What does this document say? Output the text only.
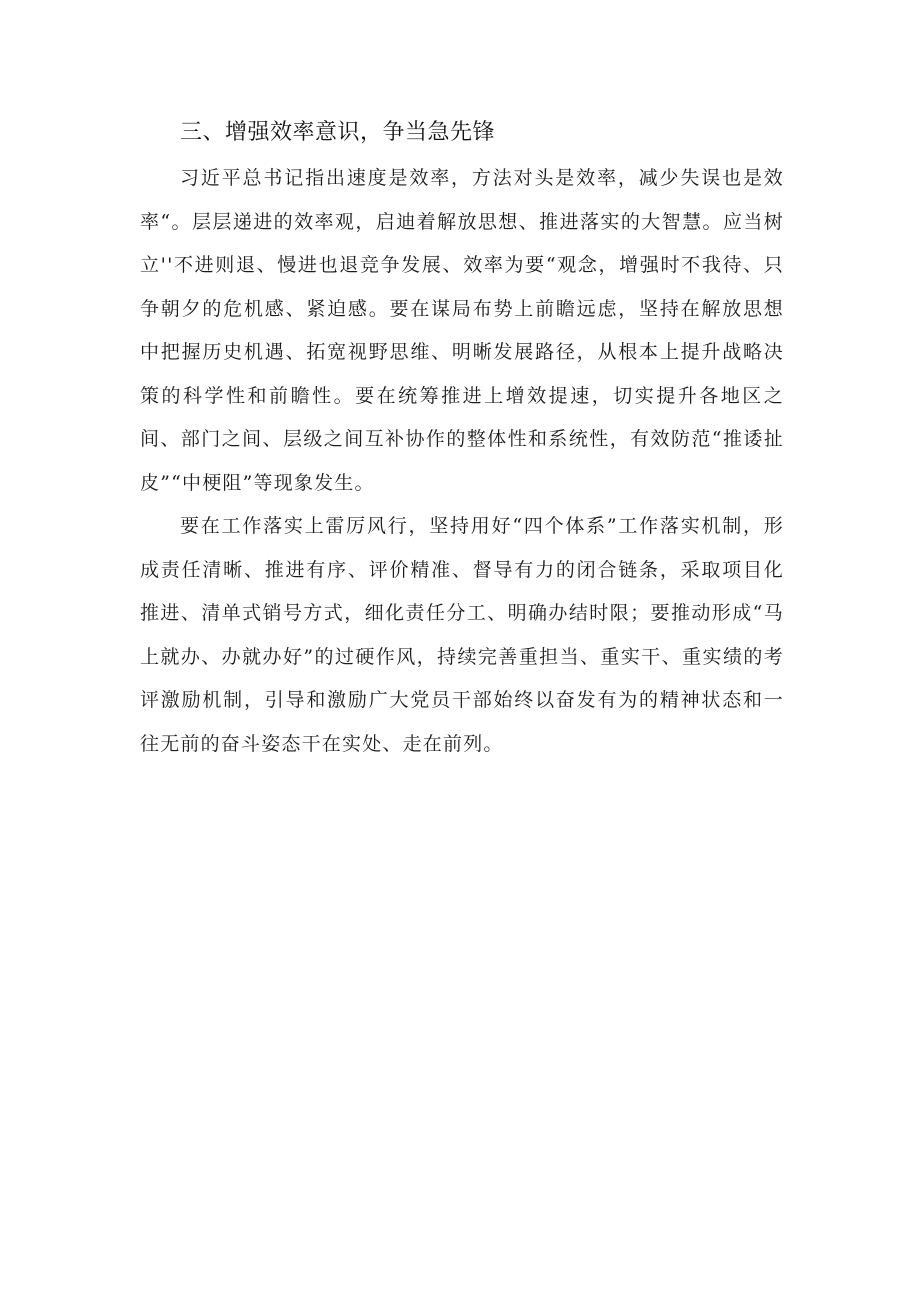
三、增强效率意识，争当急先锋

习近平总书记指出速度是效率，方法对头是效率，减少失误也是效率“。层层递进的效率观，启迪着解放思想、推进落实的大智慧。应当树立''不进则退、慢进也退竞争发展、效率为要“观念，增强时不我待、只争朝夕的危机感、紧迫感。要在谋局布势上前瞻远虑，坚持在解放思想中把握历史机遇、拓宽视野思维、明晰发展路径，从根本上提升战略决策的科学性和前瞻性。要在统筹推进上增效提速，切实提升各地区之间、部门之间、层级之间互补协作的整体性和系统性，有效防范“推诿扯皮”“中梗阻”等现象发生。

要在工作落实上雷厉风行，坚持用好“四个体系”工作落实机制，形成责任清晰、推进有序、评价精准、督导有力的闭合链条，采取项目化推进、清单式销号方式，细化责任分工、明确办结时限；要推动形成“马上就办、办就办好”的过硬作风，持续完善重担当、重实干、重实绩的考评激励机制，引导和激励广大党员干部始终以奋发有为的精神状态和一往无前的奋斗姿态干在实处、走在前列。
